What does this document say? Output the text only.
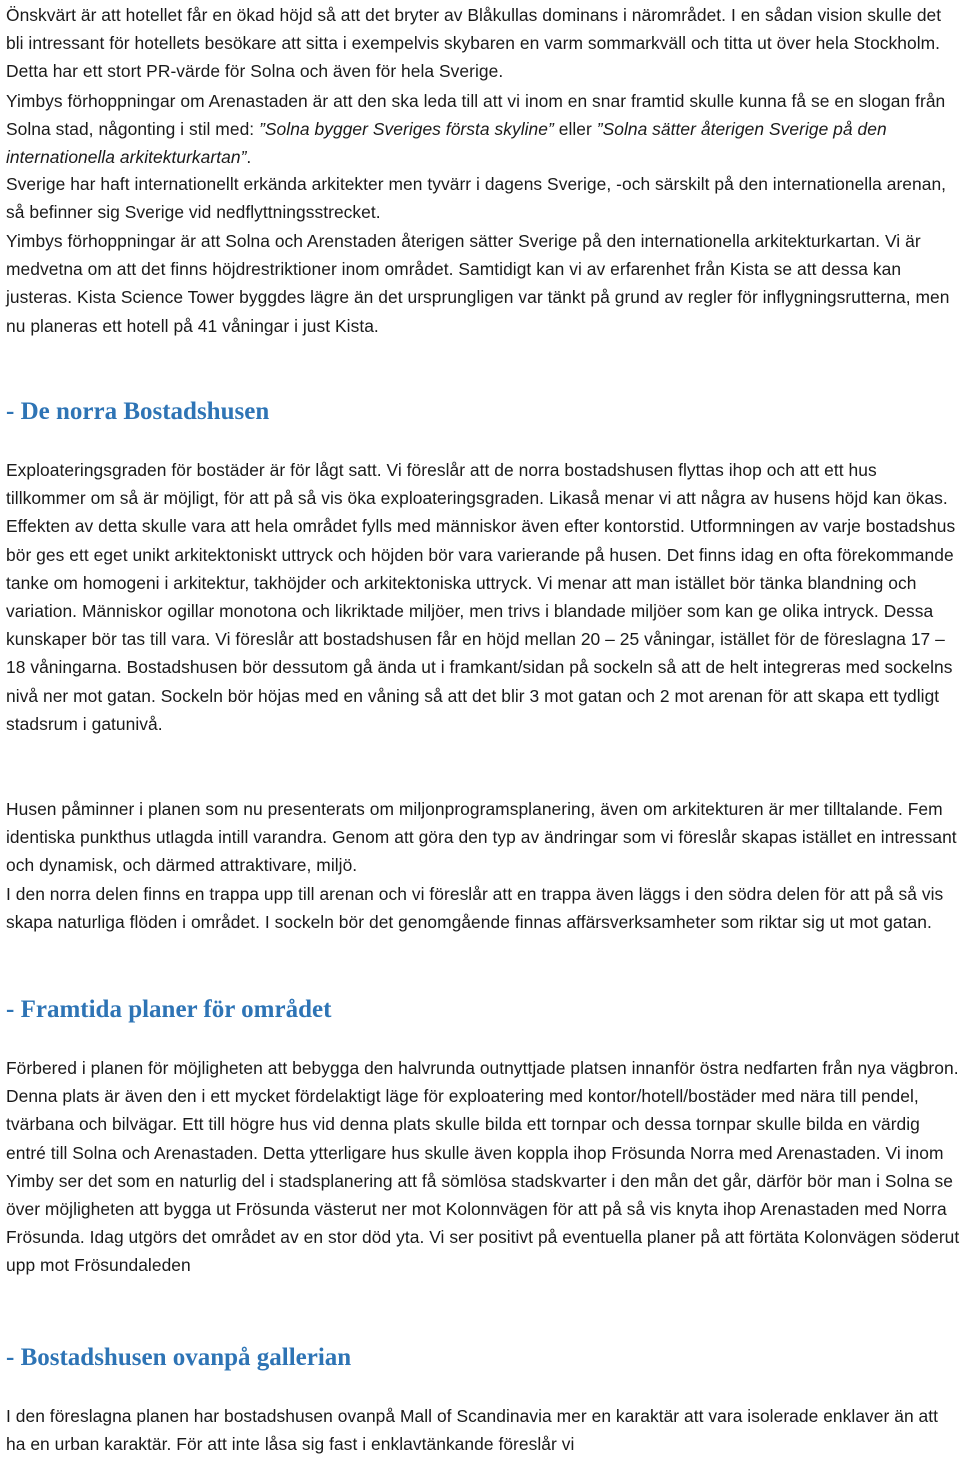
Önskvärt är att hotellet får en ökad höjd så att det bryter av Blåkullas dominans i närområdet. I en sådan vision skulle det bli intressant för hotellets besökare att sitta i exempelvis skybaren en varm sommarkväll och titta ut över hela Stockholm. Detta har ett stort PR-värde för Solna och även för hela Sverige.

Yimbys förhoppningar om Arenastaden är att den ska leda till att vi inom en snar framtid skulle kunna få se en slogan från Solna stad, någonting i stil med: ”Solna bygger Sveriges första skyline” eller ”Solna sätter återigen Sverige på den internationella arkitekturkartan”.

Sverige har haft internationellt erkända arkitekter men tyvärr i dagens Sverige, -och särskilt på den internationella arenan, så befinner sig Sverige vid nedflyttningsstrecket.

Yimbys förhoppningar är att Solna och Arenstaden återigen sätter Sverige på den internationella arkitekturkartan. Vi är medvetna om att det finns höjdrestriktioner inom området. Samtidigt kan vi av erfarenhet från Kista se att dessa kan justeras. Kista Science Tower byggdes lägre än det ursprungligen var tänkt på grund av regler för inflygningsrutterna, men nu planeras ett hotell på 41 våningar i just Kista.

- De norra Bostadshusen

Exploateringsgraden för bostäder är för lågt satt. Vi föreslår att de norra bostadshusen flyttas ihop och att ett hus tillkommer om så är möjligt, för att på så vis öka exploateringsgraden. Likaså menar vi att några av husens höjd kan ökas. Effekten av detta skulle vara att hela området fylls med människor även efter kontorstid. Utformningen av varje bostadshus bör ges ett eget unikt arkitektoniskt uttryck och höjden bör vara varierande på husen. Det finns idag en ofta förekommande tanke om homogeni i arkitektur, takhöjder och arkitektoniska uttryck. Vi menar att man istället bör tänka blandning och variation. Människor ogillar monotona och likriktade miljöer, men trivs i blandade miljöer som kan ge olika intryck. Dessa kunskaper bör tas till vara. Vi föreslår att bostadshusen får en höjd mellan 20 – 25 våningar, istället för de föreslagna 17 – 18 våningarna. Bostadshusen bör dessutom gå ända ut i framkant/sidan på sockeln så att de helt integreras med sockelns nivå ner mot gatan. Sockeln bör höjas med en våning så att det blir 3 mot gatan och 2 mot arenan för att skapa ett tydligt stadsrum i gatunivå.

Husen påminner i planen som nu presenterats om miljonprogramsplanering, även om arkitekturen är mer tilltalande. Fem identiska punkthus utlagda intill varandra. Genom att göra den typ av ändringar som vi föreslår skapas istället en intressant och dynamisk, och därmed attraktivare, miljö.

I den norra delen finns en trappa upp till arenan och vi föreslår att en trappa även läggs i den södra delen för att på så vis skapa naturliga flöden i området. I sockeln bör det genomgående finnas affärsverksamheter som riktar sig ut mot gatan.

- Framtida planer för området

Förbered i planen för möjligheten att bebygga den halvrunda outnyttjade platsen innanför östra nedfarten från nya vägbron. Denna plats är även den i ett mycket fördelaktigt läge för exploatering med kontor/hotell/bostäder med nära till pendel, tvärbana och bilvägar. Ett till högre hus vid denna plats skulle bilda ett tornpar och dessa tornpar skulle bilda en värdig entré till Solna och Arenastaden. Detta ytterligare hus skulle även koppla ihop Frösunda Norra med Arenastaden. Vi inom Yimby ser det som en naturlig del i stadsplanering att få sömlösa stadskvarter i den mån det går, därför bör man i Solna se över möjligheten att bygga ut Frösunda västerut ner mot Kolonnvägen för att på så vis knyta ihop Arenastaden med Norra Frösunda. Idag utgörs det området av en stor död yta. Vi ser positivt på eventuella planer på att förtäta Kolonvägen söderut upp mot Frösundaleden

- Bostadshusen ovanpå gallerian

I den föreslagna planen har bostadshusen ovanpå Mall of Scandinavia mer en karaktär att vara isolerade enklaver än att ha en urban karaktär. För att inte låsa sig fast i enklavtänkande föreslår vi
